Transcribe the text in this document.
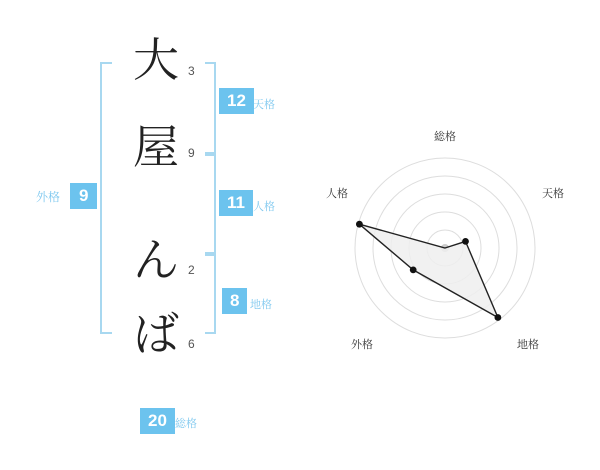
外格	9
大 3
屋 9
ん 2
ば 6
12 天格
11 人格
8 地格
20 総格
総格
天格
地格
外格
人格
